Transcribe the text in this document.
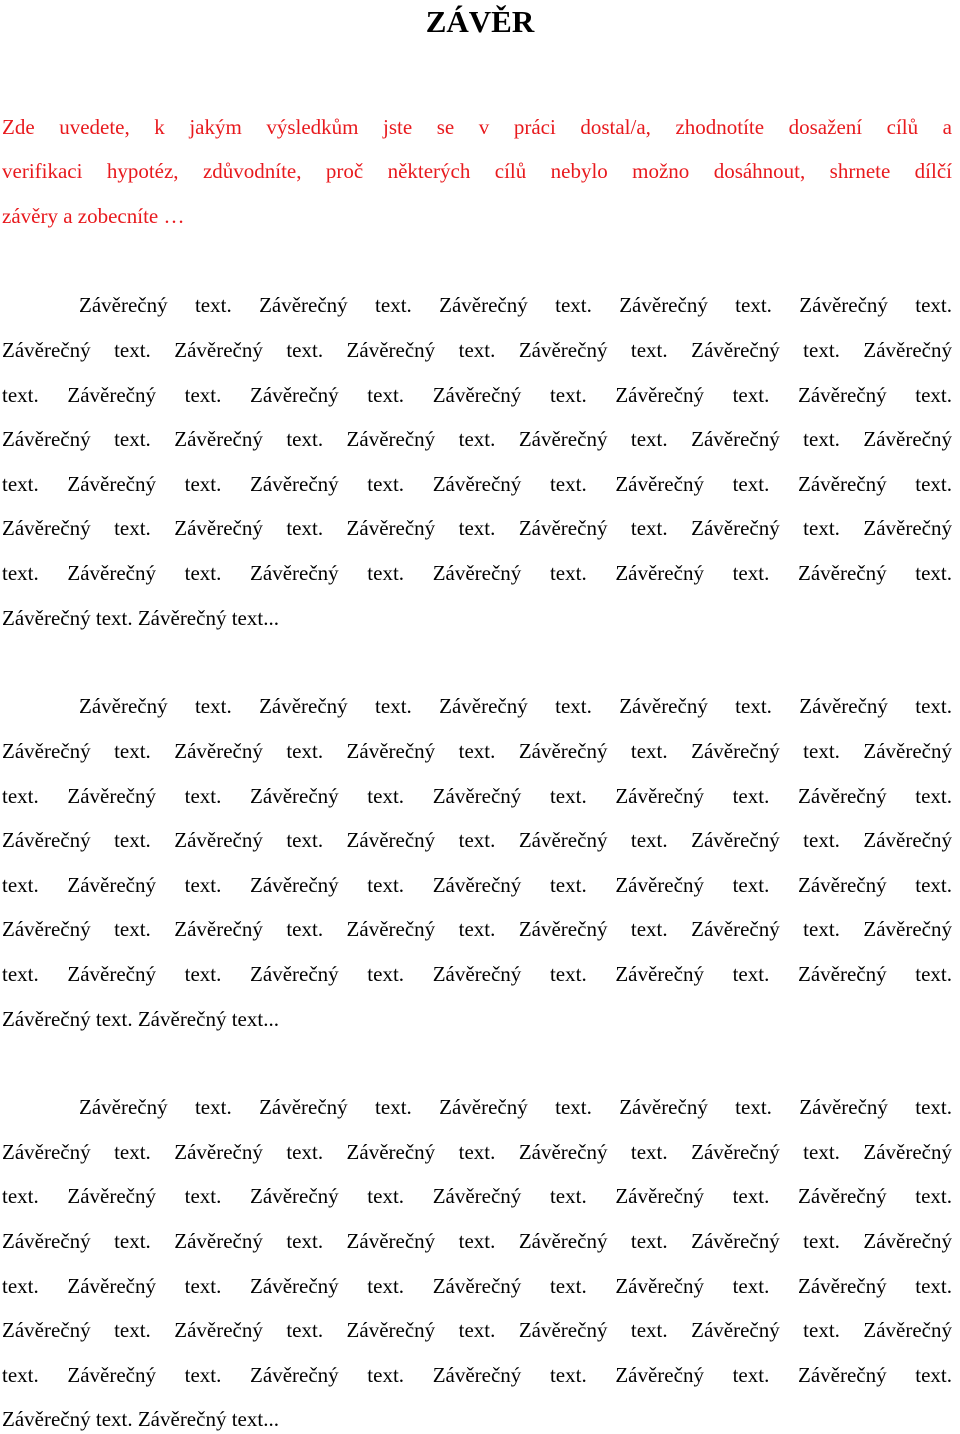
ZÁVĚR

Zde uvedete, k jakým výsledkům jste se v práci dostal/a, zhodnotíte dosažení cílů a

verifikaci hypotéz, zdůvodníte, proč některých cílů nebylo možno dosáhnout, shrnete dílčí

závěry a zobecníte …

Závěrečný text. Závěrečný text. Závěrečný text. Závěrečný text. Závěrečný text.

Závěrečný text. Závěrečný text. Závěrečný text. Závěrečný text. Závěrečný text. Závěrečný

text. Závěrečný text. Závěrečný text. Závěrečný text. Závěrečný text. Závěrečný text.

Závěrečný text. Závěrečný text. Závěrečný text. Závěrečný text. Závěrečný text. Závěrečný

text. Závěrečný text. Závěrečný text. Závěrečný text. Závěrečný text. Závěrečný text.

Závěrečný text. Závěrečný text. Závěrečný text. Závěrečný text. Závěrečný text. Závěrečný

text. Závěrečný text. Závěrečný text. Závěrečný text. Závěrečný text. Závěrečný text.

Závěrečný text. Závěrečný text...

Závěrečný text. Závěrečný text. Závěrečný text. Závěrečný text. Závěrečný text.

Závěrečný text. Závěrečný text. Závěrečný text. Závěrečný text. Závěrečný text. Závěrečný

text. Závěrečný text. Závěrečný text. Závěrečný text. Závěrečný text. Závěrečný text.

Závěrečný text. Závěrečný text. Závěrečný text. Závěrečný text. Závěrečný text. Závěrečný

text. Závěrečný text. Závěrečný text. Závěrečný text. Závěrečný text. Závěrečný text.

Závěrečný text. Závěrečný text. Závěrečný text. Závěrečný text. Závěrečný text. Závěrečný

text. Závěrečný text. Závěrečný text. Závěrečný text. Závěrečný text. Závěrečný text.

Závěrečný text. Závěrečný text...

Závěrečný text. Závěrečný text. Závěrečný text. Závěrečný text. Závěrečný text.

Závěrečný text. Závěrečný text. Závěrečný text. Závěrečný text. Závěrečný text. Závěrečný

text. Závěrečný text. Závěrečný text. Závěrečný text. Závěrečný text. Závěrečný text.

Závěrečný text. Závěrečný text. Závěrečný text. Závěrečný text. Závěrečný text. Závěrečný

text. Závěrečný text. Závěrečný text. Závěrečný text. Závěrečný text. Závěrečný text.

Závěrečný text. Závěrečný text. Závěrečný text. Závěrečný text. Závěrečný text. Závěrečný

text. Závěrečný text. Závěrečný text. Závěrečný text. Závěrečný text. Závěrečný text.

Závěrečný text. Závěrečný text...
